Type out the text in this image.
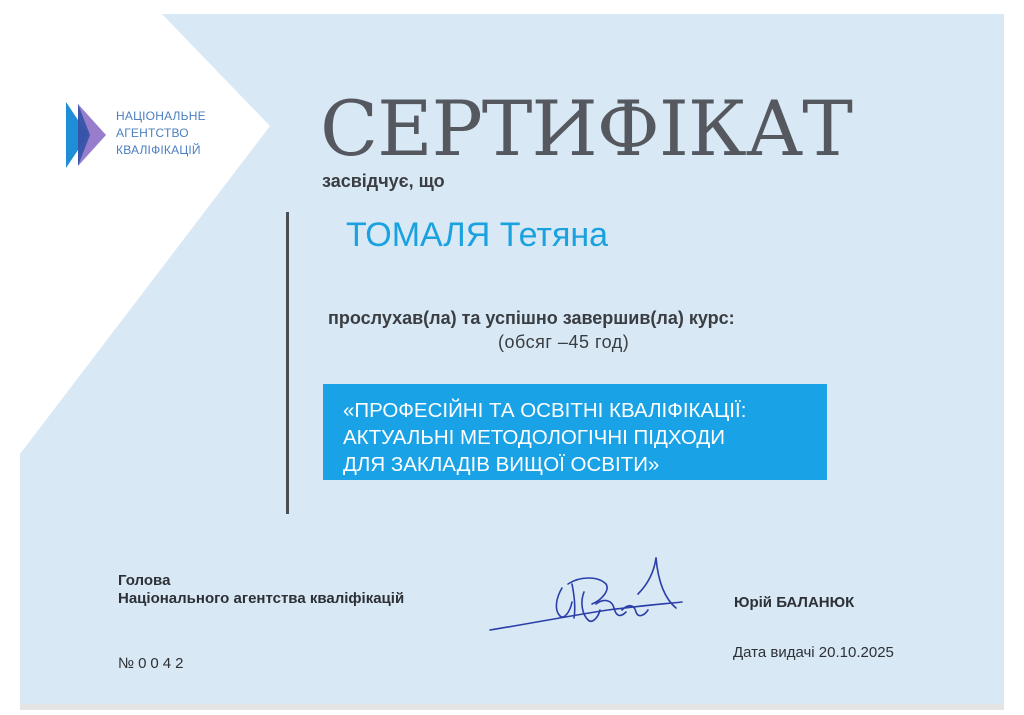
НАЦІОНАЛЬНЕ
АГЕНТСТВО
КВАЛІФІКАЦІЙ СЕРТИФІКАТ
засвідчує, що
ТОМАЛЯ Тетяна
прослухав(ла) та успішно завершив(ла) курс:
(обсяг –45 год)
«ПРОФЕСІЙНІ ТА ОСВІТНІ КВАЛІФІКАЦІЇ:
АКТУАЛЬНІ МЕТОДОЛОГІЧНІ ПІДХОДИ
ДЛЯ ЗАКЛАДІВ ВИЩОЇ ОСВІТИ»
Голова
Національного агентства кваліфікацій	Юрій БАЛАНЮК
№0042
Дата видачі 20.10.2025
